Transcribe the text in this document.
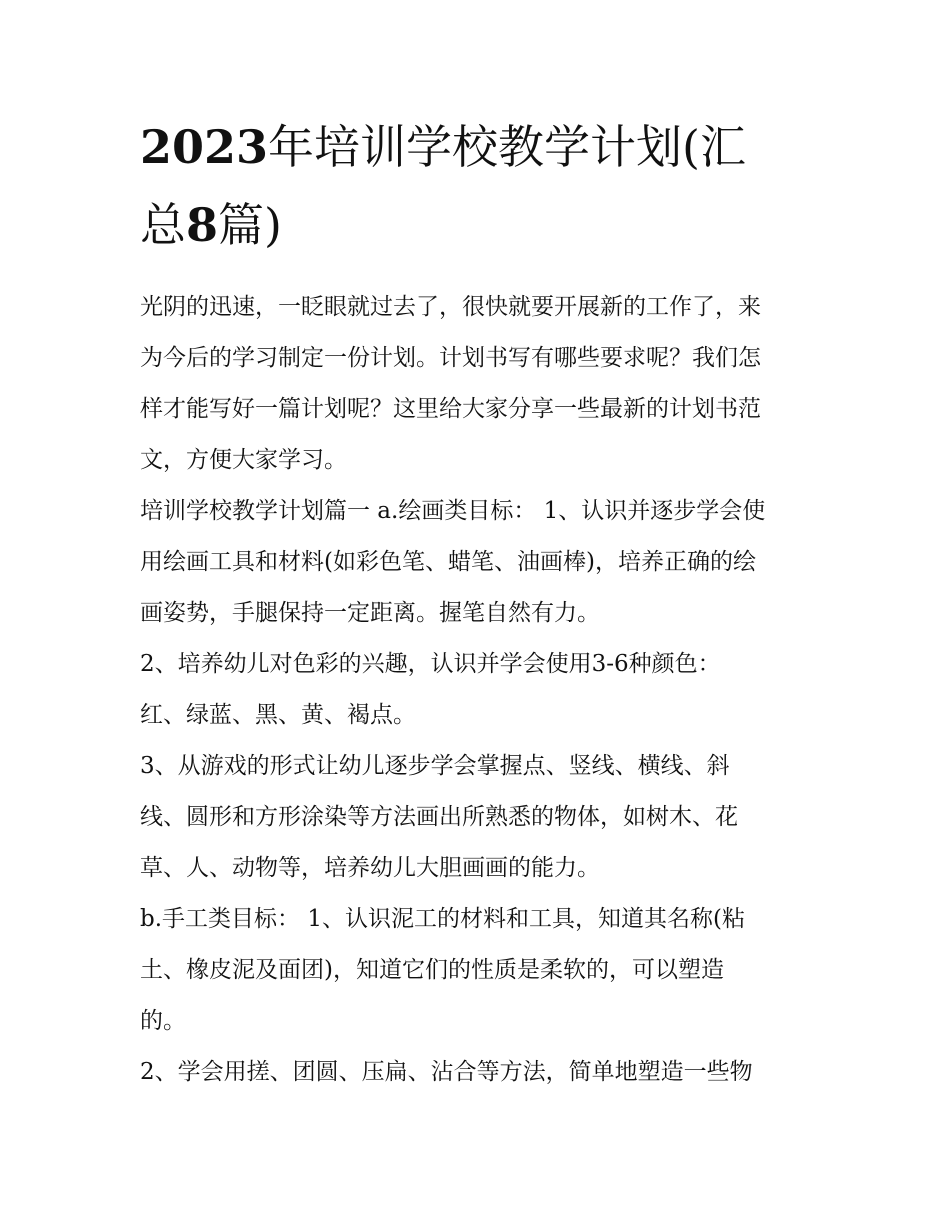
2023年培训学校教学计划(汇
总8篇)
光阴的迅速，一眨眼就过去了，很快就要开展新的工作了，来
为今后的学习制定一份计划。计划书写有哪些要求呢？我们怎
样才能写好一篇计划呢？这里给大家分享一些最新的计划书范
文，方便大家学习。
培训学校教学计划篇一 a.绘画类目标： 1、认识并逐步学会使
用绘画工具和材料(如彩色笔、蜡笔、油画棒)，培养正确的绘
画姿势，手腿保持一定距离。握笔自然有力。
2、培养幼儿对色彩的兴趣，认识并学会使用3-6种颜色：
红、绿蓝、黑、黄、褐点。
3、从游戏的形式让幼儿逐步学会掌握点、竖线、横线、斜
线、圆形和方形涂染等方法画出所熟悉的物体，如树木、花
草、人、动物等，培养幼儿大胆画画的能力。
b.手工类目标： 1、认识泥工的材料和工具，知道其名称(粘
土、橡皮泥及面团)，知道它们的性质是柔软的，可以塑造
的。
2、学会用搓、团圆、压扁、沾合等方法，简单地塑造一些物
